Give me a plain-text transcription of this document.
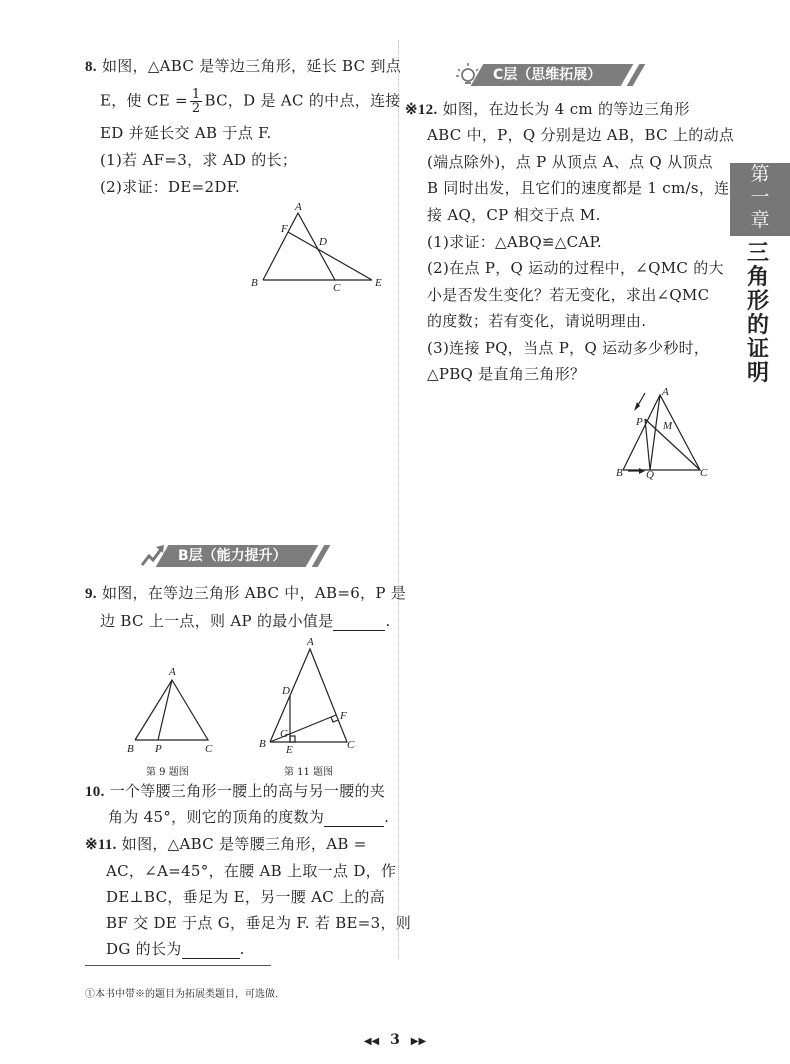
8. 如图，△ABC 是等边三角形，延长 BC 到点
E，使 CE = $\frac{1}{2}$ BC，D 是 AC 的中点，连接
ED 并延长交 AB 于点 F.
(1)若 AF=3，求 AD 的长；
(2)求证：DE=2DF.
A
B	C	E
F
D
B层（能力提升）
9. 如图，在等边三角形 ABC 中，AB=6，P 是
边 BC 上一点，则 AP 的最小值是	.
A
B P	C
第 9 题图
A
D
F
G
B E	C
第 11 题图
10. 一个等腰三角形一腰上的高与另一腰的夹
角为 45°，则它的顶角的度数为	.
※11. 如图，△ABC 是等腰三角形，AB =
AC，∠A=45°，在腰 AB 上取一点 D，作
DE⊥BC，垂足为 E，另一腰 AC 上的高
BF 交 DE 于点 G，垂足为 F. 若 BE=3，则
DG 的长为	.
①本书中带※的题目为拓展类题目，可选做.
C层（思维拓展）
※12. 如图，在边长为 4 cm 的等边三角形
ABC 中，P，Q 分别是边 AB，BC 上的动点
(端点除外)，点 P 从顶点 A、点 Q 从顶点
B 同时出发，且它们的速度都是 1 cm/s，连
接 AQ，CP 相交于点 M.
(1)求证：△ABQ≌△CAP.
(2)在点 P，Q 运动的过程中，∠QMC 的大
小是否发生变化？若无变化，求出∠QMC
的度数；若有变化，请说明理由.
(3)连接 PQ，当点 P，Q 运动多少秒时，
△PBQ 是直角三角形？
A
P M
B Q	C
第一章
三角形的证明
◀◀ 3 ▶▶
